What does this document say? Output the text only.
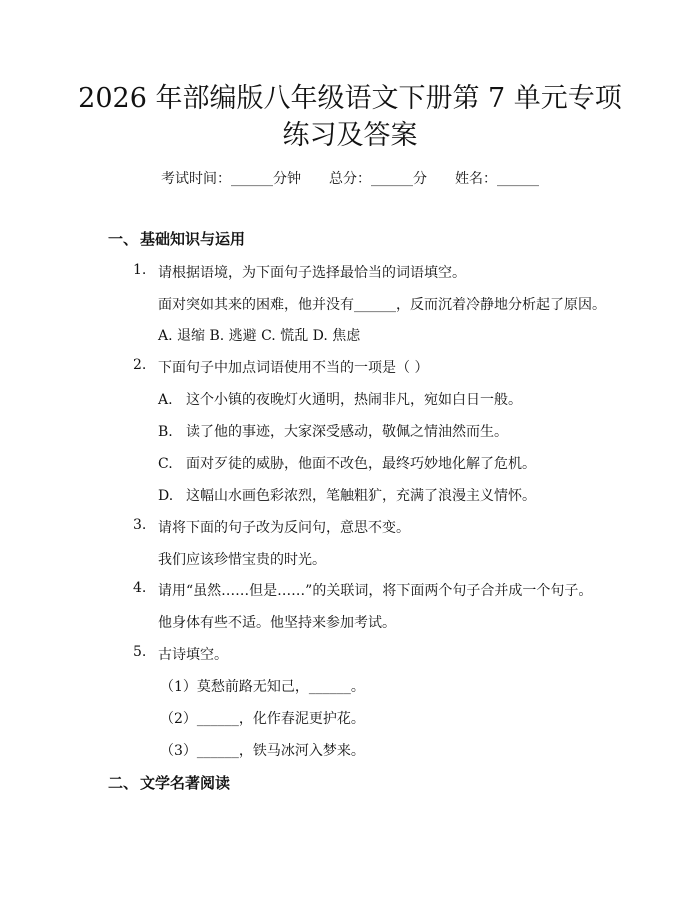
2026 年部编版八年级语文下册第 7 单元专项
练习及答案
考试时间：______分钟 总分：______分 姓名：______
一、 基础知识与运用
1. 请根据语境，为下面句子选择最恰当的词语填空。
面对突如其来的困难，他并没有______，反而沉着冷静地分析起了原因。
A. 退缩 B. 逃避 C. 慌乱 D. 焦虑
2. 下面句子中加点词语使用不当的一项是（ ）
A. 这个小镇的夜晚灯火通明，热闹非凡，宛如白日一般。
B. 读了他的事迹，大家深受感动，敬佩之情油然而生。
C. 面对歹徒的威胁，他面不改色，最终巧妙地化解了危机。
D. 这幅山水画色彩浓烈，笔触粗犷，充满了浪漫主义情怀。
3. 请将下面的句子改为反问句，意思不变。
我们应该珍惜宝贵的时光。
4. 请用“虽然……但是……”的关联词，将下面两个句子合并成一个句子。
他身体有些不适。他坚持来参加考试。
5. 古诗填空。
（1）莫愁前路无知己，______。
（2）______，化作春泥更护花。
（3）______，铁马冰河入梦来。
二、 文学名著阅读
